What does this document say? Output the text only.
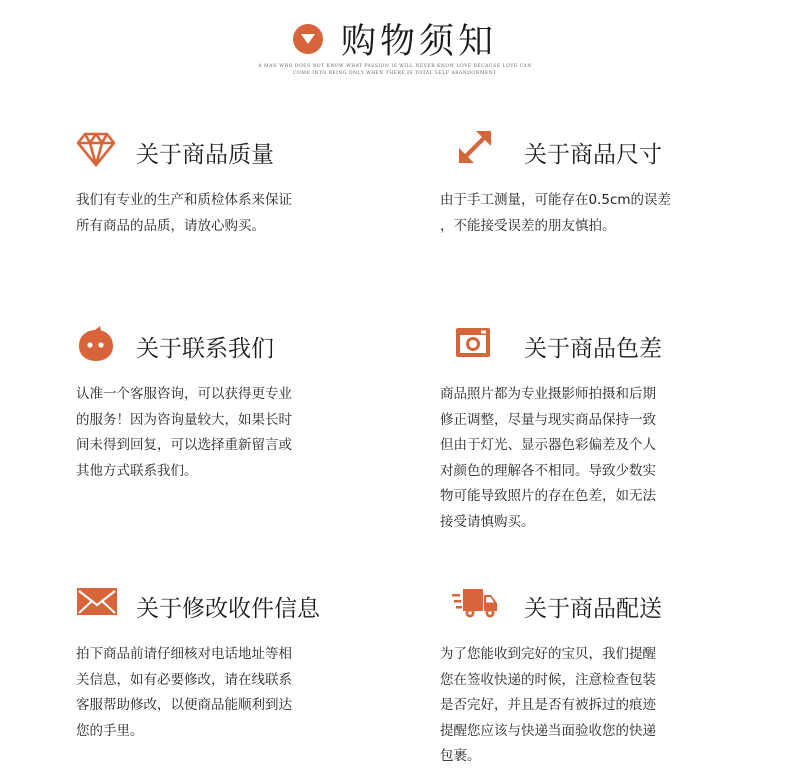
购物须知
A MAN WHO DOES NOT KNOW WHAT PASSION IS WILL NEVER KNOW LOVE BECAUSE LOVE CAN
COME INTO BEING ONLY WHEN THERE IS TOTAL SELF ABANDONMENT
关于商品质量
我们有专业的生产和质检体系来保证
所有商品的品质，请放心购买。
关于商品尺寸
由于手工测量，可能存在0.5cm的误差
，不能接受误差的朋友慎拍。
关于联系我们
认准一个客服咨询，可以获得更专业
的服务！因为咨询量较大，如果长时
间未得到回复，可以选择重新留言或
其他方式联系我们。
关于商品色差
商品照片都为专业摄影师拍摄和后期
修正调整，尽量与现实商品保持一致
但由于灯光、显示器色彩偏差及个人
对颜色的理解各不相同。导致少数实
物可能导致照片的存在色差，如无法
接受请慎购买。
关于修改收件信息
拍下商品前请仔细核对电话地址等相
关信息，如有必要修改，请在线联系
客服帮助修改，以便商品能顺利到达
您的手里。
关于商品配送
为了您能收到完好的宝贝，我们提醒
您在签收快递的时候，注意检查包装
是否完好，并且是否有被拆过的痕迹
提醒您应该与快递当面验收您的快递
包裹。
